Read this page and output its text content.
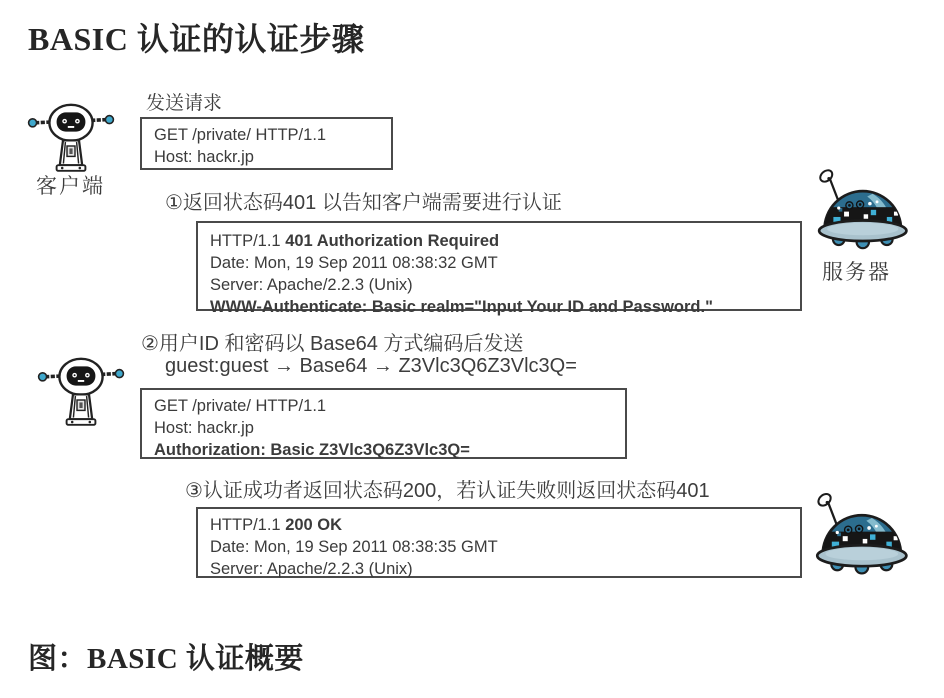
BASIC 认证的认证步骤
客户端
发送请求
GET /private/ HTTP/1.1
Host: hackr.jp
①返回状态码401 以告知客户端需要进行认证
HTTP/1.1 401 Authorization Required
Date: Mon, 19 Sep 2011 08:38:32 GMT
Server: Apache/2.2.3 (Unix)
WWW-Authenticate: Basic realm="Input Your ID and Password."
服务器
②用户ID 和密码以 Base64 方式编码后发送
guest:guest → Base64 → Z3Vlc3Q6Z3Vlc3Q=
GET /private/ HTTP/1.1
Host: hackr.jp
Authorization: Basic Z3Vlc3Q6Z3Vlc3Q=
③认证成功者返回状态码200，若认证失败则返回状态码401
HTTP/1.1 200 OK
Date: Mon, 19 Sep 2011 08:38:35 GMT
Server: Apache/2.2.3 (Unix)
图：BASIC 认证概要
